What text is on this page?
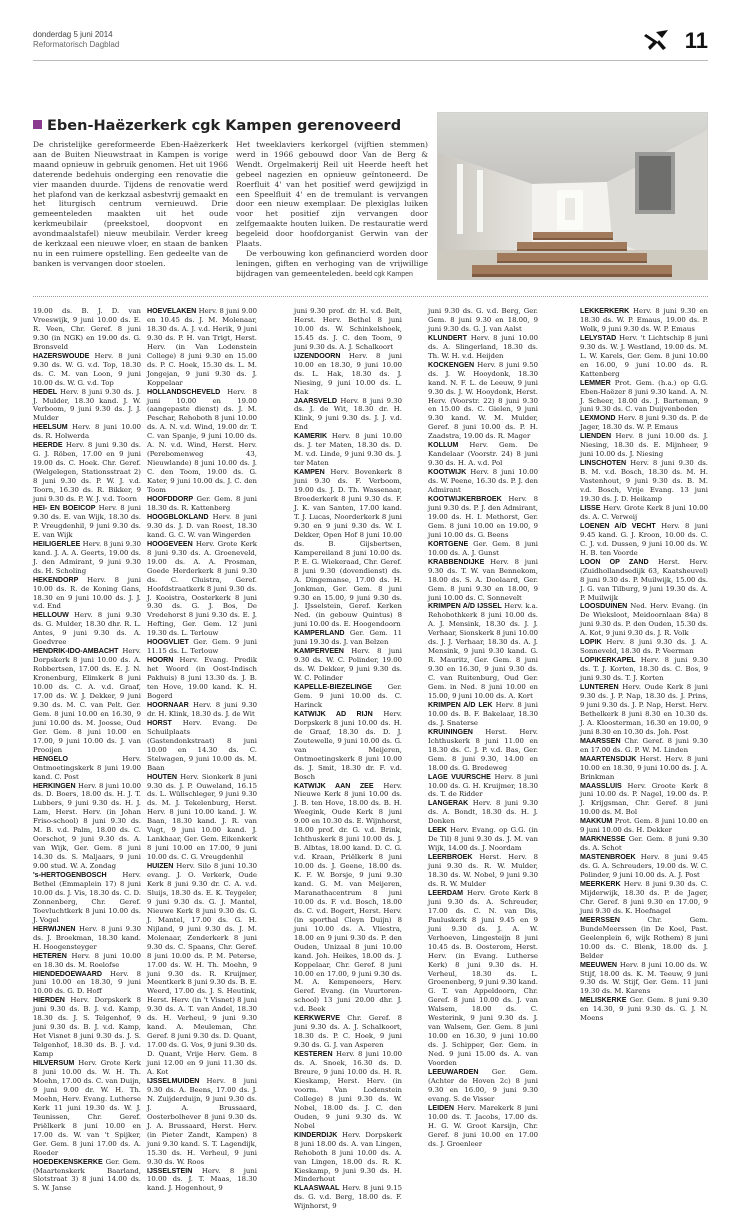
donderdag 5 juni 2014
Reformatorisch Dagblad	11
Eben-Haëzerkerk cgk Kampen gerenoveerd

De christelijke gereformeerde Eben-Haëzerkerk aan de Buiten Nieuwstraat in Kampen is vorige maand opnieuw in gebruik genomen. Het uit 1966 daterende bedehuis onderging een renovatie die vier maanden duurde. Tijdens de renovatie werd het plafond van de kerkzaal asbestvrij gemaakt en het liturgisch centrum vernieuwd. Drie gemeenteleden maakten uit het oude kerkmeubilair (preekstoel, doopvont en avondmaalstafel) nieuw meubilair. Verder kreeg de kerkzaal een nieuwe vloer, en staan de banken nu in een ruimere opstelling. Een gedeelte van de banken is vervangen door stoelen.

Het tweeklaviers kerkorgel (vijftien stemmen) werd in 1966 gebouwd door Van de Berg & Wendt. Orgelmakerij Reil uit Heerde heeft het gebeel nagezien en opnieuw geïntoneerd. De Roerfluit 4' van het positief werd gewijzigd in een Speelfluit 4' en de tremulant is vervangen door een nieuw exemplaar. De plexiglas luiken voor het positief zijn vervangen door zelfgemaakte houten luiken. De restauratie werd begeleid door hoofdorganist Gerwin van der Plaats.

De verbouwing kon gefinancierd worden door leningen, giften en verhoging van de vrijwillige bijdragen van gemeenteleden. beeld cgk Kampen

19.00 ds. B. J. D. van Vreeswijk, 9 juni 10.00 ds. E. R. Veen, Chr. Geref. 8 juni 9.30 (in NGK) en 19.00 ds. G. Bronsveld

HAZERSWOUDE Herv. 8 juni 9.30 ds. W. G. v.d. Top, 18.30 ds. C. M. van Loon, 9 juni 10.00 ds. W. G. v.d. Top

HEDEL Herv. 8 juni 9.30 ds. J. J. Mulder, 18.30 kand. J. W. Verboom, 9 juni 9.30 ds. J. J. Mulder

HEELSUM Herv. 8 juni 10.00 ds. R. Holwerda

HEERDE Herv. 8 juni 9.30 ds. G. J. Röben, 17.00 en 9 juni 19.00 ds. C. Hoek. Chr. Geref. (Welgelegen, Stationsstraat 2) 8 juni 9.30 ds. P. W. J. v.d. Toorn, 16.30 ds. R. Bikker, 9 juni 9.30 ds. P. W. J. v.d. Toorn

HEI- EN BOEICOP Herv. 8 juni 9.30 ds. E. van Wijk, 18.30 ds. P. Vreugdenhil, 9 juni 9.30 ds. E. van Wijk

HEILIGERLEE Herv. 8 juni 9.30 kand. J. A. A. Geerts, 19.00 ds. J. den Admirant, 9 juni 9.30 ds. H. Scholing

HEKENDORP Herv. 8 juni 10.00 ds. R. de Koning Gans, 18.30 en 9 juni 10.00 ds. J. J. v.d. End

HELLOUW Herv. 8 juni 9.30 ds. G. Mulder, 18.30 dhr. R. L. Antes, 9 juni 9.30 ds. A. Goedvree

HENDRIK-IDO-AMBACHT Herv. Dorpskerk 8 juni 10.00 ds. A. Robbertsen, 17.00 ds. E. J. N. Kronenburg, Elimkerk 8 juni 10.00 ds. C. A. v.d. Graaf, 17.00 ds. W. J. Dekker, 9 juni 9.30 ds. M. C. van Pelt. Ger. Gem. 8 juni 10.00 en 16.30, 9 juni 10.00 ds. M. Joosse, Oud Ger. Gem. 8 juni 10.00 en 17.00, 9 juni 10.00 ds. J. van Prooijen

HENGELO	Herv. Ontmoetingskerk 8 juni 19.00 kand. C. Post

HERKINGEN Herv. 8 juni 10.00 ds. D. Boers, 18.00 ds. H. J. T. Lubbers, 9 juni 9.30 ds. H. J. Lam, Herst. Herv. (in Johan Friso-school) 8 juni 9.30 ds. M. B. v.d. Palm, 18.00 ds. C. Oorschot, 9 juni 9.30 ds. A. van Wijk, Ger. Gem. 8 juni 14.30 ds. S. Maljaars, 9 juni 9.00 stud. W. A. Zondag

's-HERTOGENBOSCH Herv. Bethel (Emmaplein 17) 8 juni 10.00 ds. J. Vis, 18.30 ds. C. D. Zonnenberg, Chr. Geref. Toevluchtkerk 8 juni 10.00 ds. J. Vogel

HERWIJNEN Herv. 8 juni 9.30 ds. J. Broekman, 18.30 kand. H. Hoogensteyger

HETEREN Herv. 8 juni 10.00 en 18.30 ds. M. Roelofse

HIENDEDOEWAARD Herv. 8 juni 10.00 en 18.30, 9 juni 10.00 ds. G. D. Hoff

HIERDEN Herv. Dorpskerk 8 juni 9.30 ds. B. J. v.d. Kamp, 18.30 ds. J. S. Telgenhof, 9 juni 9.30 ds. B. J. v.d. Kamp, Het Visnet 8 juni 9.30 ds. J. S. Telgenhof, 18.30 ds. B. J. v.d. Kamp

HILVERSUM Herv. Grote Kerk 8 juni 10.00 ds. W. H. Th. Moehn, 17.00 ds. C. van Duijn, 9 juni 9.00 dr. W. H. Th. Moehn, Herv. Evang. Lutherse Kerk 11 juni 19.30 ds. W. J. Teunissen, Chr. Geref. Priëlkerk 8 juni 10.00 en 17.00 ds. W. van 't Spijker, Ger. Gem. 8 juni 17.00 ds. A. Roeder

HOEDEKENSKERKE Ger. Gem. (Maartenskerk Baarland, Slotstraat 3) 8 juni 14.00 ds. S. W. Janse

HOEVELAKEN Herv. 8 juni 9.00 en 10.45 ds. J. M. Molenaar, 18.30 ds. A. J. v.d. Herik, 9 juni 9.30 ds. P. H. van Trigt, Herst. Herv. (in Van Lodenstein College) 8 juni 9.30 en 15.00 ds. P. C. Hoek, 15.30 ds. L. M. Jongejan, 9 juni 9.30 ds. J. Koppelaar

HOLLANDSCHEVELD Herv. 8 juni 10.00 en 19.00 (aangepaste dienst) ds. J. M. Peschar, Rehoboth 8 juni 10.00 ds. A. N. v.d. Wind, 19.00 dr. T. C. van Spanje, 9 juni 10.00 ds. A. N. v.d. Wind, Herst. Herv. (Perebomenweg 43, Nieuwlande) 8 juni 10.00 ds. J. C. den Toom, 19.00 ds. G. Kater, 9 juni 10.00 ds. J. C. den Toom

HOOFDDORP Ger. Gem. 8 juni 18.30 ds. R. Kattenberg

HOOGBLOKLAND Herv. 8 juni 9.30 ds. J. D. van Roest, 18.30 kand. G. C. W. van Wingerden

HOOGEVEEN Herv. Grote Kerk 8 juni 9.30 ds. A. Groeneveld, 19.00 ds. A. A. Prosman, Goede Herderkerk 8 juni 9.30 ds. C. Cluistra, Geref. Hoofdstraatkerk 8 juni 9.30 ds. J. Kooistra, Oosterkerk 8 juni 9.30 ds. G. J. Bos, De Vredehorst 8 juni 9.30 ds. E. J. Hefting, Ger. Gem. 12 juni 19.30 ds. L. Terlouw

HOOGVLIET Ger. Gem. 9 juni 11.15 ds. L. Terlouw

HOORN Herv. Evang. Predik het Woord (in Oost-Indisch Pakhuis) 8 juni 13.30 ds. J. B. ten Hove, 19.00 kand. K. H. Bogerd

HOORNAAR Herv. 8 juni 9.30 dr. H. Klink, 18.30 ds. J. de Wit

HORST Herv. Evang. De Schuilplaats (Gastendonkstraat) 8 juni 10.00 en 14.30 ds. C. Stelwagen, 9 juni 10.00 ds. M. Baan

HOUTEN Herv. Sionkerk 8 juni 9.30 ds. J. P. Ouweland, 16.15 ds. L. Wüllschleger, 9 juni 9.30 ds. M. J. Tekelenburg, Herst. Herv. 8 juni 10.00 kand. J. W. Baan, 18.30 kand. J. R. van Vugt, 9 juni 10.00 kand. J. Lankhaar, Ger. Gem. Eikenkerk 8 juni 10.00 en 17.00, 9 juni 10.00 ds. C. G. Vreugdenhil

HUIZEN Herv. Silo 8 juni 10.30 evang. J. O. Verkerk, Oude Kerk 8 juni 9.30 dr. C. A. v.d. Sluijs, 18.30 ds. E. K. Teygeler, 9 juni 9.30 ds. G. J. Mantel, Nieuwe Kerk 8 juni 9.30 ds. G. J. Mantel, 17.00 ds. G. H. Nijland, 9 juni 9.30 ds. J. M. Molenaar, Zenderkerk 8 juni 9.30 ds. C. Spaans, Chr. Geref. 8 juni 10.00 ds. P. M. Peterse, 17.00 ds. W. H. Th. Moehn, 9 juni 9.30 ds. R. Kruijmer, Meentkerk 8 juni 9.30 ds. B. E. Weerd, 17.00 ds. J. S. Heutink, Herst. Herv. (in 't Visnet) 8 juni 9.30 ds. A. T. van Andel, 18.30 ds. H. Verheul, 9 juni 9.30 kand. A. Meuleman, Chr. Geref. 8 juni 9.30 ds. D. Quant, 17.00 ds. G. Vos, 9 juni 9.30 ds. D. Quant, Vrije Herv. Gem. 8 juni 12.00 en 9 juni 11.30 ds. A. Kot

IJSSELMUIDEN Herv. 8 juni 9.30 ds. A. Beens, 17.00 ds. J. N. Zuijderduijn, 9 juni 9.30 ds. J. A. Brussaard, Oosterbolhever 8 juni 9.30 ds. J. A. Brussaard, Herst. Herv. (in Pieter Zandt, Kampen) 8 juni 9.30 kand. S. T. Lagendijk, 15.30 ds. H. Verheul, 9 juni 9.30 ds. W. Roos

IJSSELSTEIN Herv. 8 juni 10.00 ds. J. T. Maas, 18.30 kand. J. Hogenhout, 9

juni 9.30 prof. dr. H. v.d. Belt, Herst. Herv. Bethel 8 juni 10.00 ds. W. Schinkelshoek, 15.45 ds. J. C. den Toom, 9 juni 9.30 ds. A. J. Schalkoort

IJZENDOORN Herv. 8 juni 10.00 en 18.30, 9 juni 10.00 ds. L. Hak, 18.30 ds. J. Niesing, 9 juni 10.00 ds. L. Hak

JAARSVELD Herv. 8 juni 9.30 ds. J. de Wit, 18.30 dr. H. Klink, 9 juni 9.30 ds. J. J. v.d. End

KAMERIK Herv. 8 juni 10.00 ds. J. ter Maten, 18.30 ds. D. M. v.d. Linde, 9 juni 9.30 ds. J. ter Maten

KAMPEN Herv. Bovenkerk 8 juni 9.30 ds. F. Verboom, 19.00 ds. J. D. Th. Wassenaar, Broederkerk 8 juni 9.30 ds. F. J. K. van Santen, 17.00 kand. T. J. Lucas, Noorderkerk 8 juni 9.30 en 9 juni 9.30 ds. W. I. Dekker, Open Hof 8 juni 10.00 ds. B. Gijsbertsen, Kampereiland 8 juni 10.00 ds. P. E. G. Wiekeraad, Chr. Geref. 8 juni 9.30 (dovendienst) ds. A. Dingemanse, 17.00 ds. H. Jonkman, Ger. Gem. 8 juni 9.30 en 15.00, 9 juni 9.30 ds. J. IJsselstein, Geref. Kerken Ned. (in gebouw Quintus) 8 juni 10.00 ds. E. Hoogendoorn

KAMPERLAND Ger. Gem. 11 juni 19.30 ds. J. van Belzen

KAMPERVEEN Herv. 8 juni 9.30 ds. W. C. Polinder, 19.00 ds. W. Dekker, 9 juni 9.30 ds. W. C. Polinder

KAPELLE-BIEZELINGE Ger. Gem. 9 juni 10.00 ds. C. Harinck

KATWIJK AD RIJN Herv. Dorpskerk 8 juni 10.00 ds. H. de Graaf, 18.30 ds. D. J. Zoutewelle, 9 juni 10.00 ds. G. van Meijeren, Ontmoetingskerk 8 juni 10.00 ds. J. Smit, 18.30 dr. F. v.d. Bosch

KATWIJK AAN ZEE Herv. Nieuwe Kerk 8 juni 10.00 ds. J. B. ten Hove, 18.00 ds. B. H. Weegink, Oude Kerk 8 juni 9.00 en 10.30 ds. E. Wijnhorst, 18.00 prof. dr. G. v.d. Brink, Ichthuskerk 8 juni 10.00 ds. J. B. Albtas, 18.00 kand. D. C. G. v.d. Kraan, Priëlkerk 8 juni 10.00 ds. J. Geene, 18.00 ds. K. F. W. Borsje, 9 juni 9.30 kand. G. M. van Meijeren, Maranathacentrum 8 juni 10.00 ds. F. v.d. Bosch, 18.00 ds. C. v.d. Bogert, Herst. Herv. (in sporthal Cleyn Duijn) 8 juni 10.00 ds. A. Vliestra, 18.00 en 9 juni 9.30 ds. P. den Ouden, Unizaal 8 juni 10.00 kand. Joh. Heikes, 18.00 ds. J. Koppelaar, Chr. Geref. 8 juni 10.00 en 17.00, 9 juni 9.30 ds. M. A. Kempeneers, Herv. Geref. Evang. (in Vuurtoren-school) 13 juni 20.00 dhr. J. v.d. Beek

KERKWERVE Chr. Geref. 8 juni 9.30 ds. A. J. Schalkoort, 18.30 ds. P. C. Hoek, 9 juni 9.30 ds. G. J. van Asperen

KESTEREN Herv. 8 juni 10.00 ds. A. Snoek, 16.30 ds. D. Breure, 9 juni 10.00 ds. H. R. Kieskamp, Herst. Herv. (in voorm. Van Lodenstein College) 8 juni 9.30 ds. W. Nobel, 18.00 ds. J. C. den Ouden, 9 juni 9.30 ds. W. Nobel

KINDERDIJK Herv. Dorpskerk 8 juni 18.00 ds. A. van Lingen, Rehoboth 8 juni 10.00 ds. A. van Lingen, 18.00 ds. R. K. Kieskamp, 9 juni 9.30 ds. H. Minderhout

KLAASWAAL Herv. 8 juni 9.15 ds. G. v.d. Berg, 18.00 ds. F. Wijnhorst, 9

juni 9.30 ds. G. v.d. Berg, Ger. Gem. 8 juni 9.30 en 18.00, 9 juni 9.30 ds. G. J. van Aalst

KLUNDERT Herv. 8 juni 10.00 ds. A. Slingerland, 18.30 ds. Th. W. H. v.d. Heijden

KOCKENGEN Herv. 8 juni 9.50 ds. J. W. Hooydonk, 18.30 kand. N. F. L. de Leeuw, 9 juni 9.30 ds. J. W. Hooydonk, Herst. Herv. (Voorstr. 22) 8 juni 9.30 en 15.00 ds. C. Gielen, 9 juni 9.30 kand. W. M. Mulder, Geref. 8 juni 10.00 ds. P. H. Zaadstra, 19.00 ds. R. Mager

KOLLUM Herv. Gem. De Kandelaar (Voorstr. 24) 8 juni 9.30 ds. H. A. v.d. Pol

KOOTWIJK Herv. 8 juni 10.00 ds. W. Peene, 16.30 ds. P. J. den Admirant

KOOTWIJKERBROEK Herv. 8 juni 9.30 ds. P. J. den Admirant, 19.00 ds. H. I. Methorst, Ger. Gem. 8 juni 10.00 en 19.00, 9 juni 10.00 ds. G. Beens

KORTGENE Ger. Gem. 8 juni 10.00 ds. A. J. Gunst

KRABBENDIJKE Herv. 8 juni 9.30 ds. T. W. van Bennekom, 18.00 ds. S. A. Doolaard, Ger. Gem. 8 juni 9.30 en 18.00, 9 juni 10.00 ds. C. Sonnevelt

KRIMPEN A/D IJSSEL Herv. k.a. Rehobothkerk 8 juni 10.00 ds. A. J. Mensink, 18.30 ds. J. J. Verhaar, Sionskerk 8 juni 10.00 ds. J. J. Verhaar, 18.30 ds. A. J. Mensink, 9 juni 9.30 kand. G. R. Mauritz, Ger. Gem. 8 juni 9.30 en 16.30, 9 juni 9.30 ds. C. van Ruitenburg, Oud Ger. Gem. in Ned. 8 juni 10.00 en 15.00, 9 juni 10.00 ds. A. Kort

KRIMPEN A/D LEK Herv. 8 juni 10.00 ds. B. F. Bakelaar, 18.30 ds. J. Snaterse

KRUININGEN Herst. Herv. Ichthuskerk 8 juni 11.00 en 18.30 ds. C. J. P. v.d. Bas, Ger. Gem. 8 juni 9.30, 14.00 en 18.00 ds. G. Bredeweg

LAGE VUURSCHE Herv. 8 juni 10.00 ds. G. H. Kruijmer, 18.30 ds. T. de Ridder

LANGERAK Herv. 8 juni 9.30 ds. A. Bondt, 18.30 ds. H. J. Donken

LEEK Herv. Evang. op G.G. (in De Til) 8 juni 9.30 ds. J. M. van Wijk, 14.00 ds. J. Noordam

LEERBROEK Herst. Herv. 8 juni 9.30 ds. R. W. Mulder, 18.30 ds. W. Nobel, 9 juni 9.30 ds. R. W. Mulder

LEERDAM Herv. Grote Kerk 8 juni 9.30 ds. A. Schreuder, 17.00 ds. C. N. van Dis, Pauluskerk 8 juni 9.45 en 9 juni 9.30 ds. J. A. W. Verhoeven, Lingesteijn 8 juni 10.45 ds. B. Oosterom, Herst. Herv. (in Evang. Lutherse Kerk) 8 juni 9.30 ds. H. Verheul, 18.30 ds. L. Groenenberg, 9 juni 9.30 kand. G. T. van Appeldoorn, Chr. Geref. 8 juni 10.00 ds. J. van Walsem, 18.00 ds. C. Westerink, 9 juni 9.30 ds. J. van Walsem, Ger. Gem. 8 juni 10.00 en 16.30, 9 juni 10.00 ds. J. Schipper, Ger. Gem. in Ned. 9 juni 15.00 ds. A. van Voorden

LEEUWARDEN Ger. Gem. (Achter de Hoven 2c) 8 juni 9.30 en 16.00, 9 juni 9.30 evang. S. de Visser

LEIDEN Herv. Marekerk 8 juni 10.00 ds. T. Jacobs, 17.00 ds. H. G. W. Groot Karsijn, Chr. Geref. 8 juni 10.00 en 17.00 ds. J. Groenleer

LEKKERKERK Herv. 8 juni 9.30 en 18.30 ds. W. P. Emaus, 19.00 ds. P. Wolk, 9 juni 9.30 ds. W. P. Emaus

LELYSTAD Herv. 't Lichtschip 8 juni 9.30 ds. W. J. Westland, 19.00 ds. M. L. W. Karels, Ger. Gem. 8 juni 10.00 en 16.00, 9 juni 10.00 ds. R. Kattenberg

LEMMER Prot. Gem. (h.a.) op G.G. Eben-Haëzer 8 juni 9.30 kand. A. N. J. Scheer, 18.00 ds. J. Barteman, 9 juni 9.30 ds. C. van Duijvenboden

LEXMOND Herv. 8 juni 9.30 ds. P. de Jager, 18.30 ds. W. P. Emaus

LIENDEN Herv. 8 juni 10.00 ds. J. Niesing, 18.30 ds. E. Mijnheer, 9 juni 10.00 ds. J. Niesing

LINSCHOTEN Herv. 8 juni 9.30 ds. B. M. v.d. Bosch, 18.30 ds. M. H. Vastenhout, 9 juni 9.30 ds. B. M. v.d. Bosch, Vrije Evang. 13 juni 19.30 ds. J. D. Heikamp

LISSE Herv. Grote Kerk 8 juni 10.00 ds. A. C. Verweij

LOENEN A/D VECHT Herv. 8 juni 9.45 kand. G. J. Kroon, 10.00 ds. C. C. J. v.d. Dussen, 9 juni 10.00 ds. W. H. B. ten Voorde

LOON OP ZAND Herst. Herv. (Zuidhollandsedijk 63, Kaatsheuvel) 8 juni 9.30 ds. P. Muilwijk, 15.00 ds. J. G. van Tilburg, 9 juni 19.30 ds. A. P. Muilwijk

LOOSDUINEN Ned. Herv. Evang. (in De Wieksloot, Meidoornlaan 84a) 8 juni 9.30 ds. P. den Ouden, 15.30 ds. A. Kot, 9 juni 9.30 ds. J. R. Volk

LOPIK Herv. 8 juni 9.30 ds. J. A. Sonneveld, 18.30 ds. P. Veerman

LOPIKERKAPEL Herv. 8 juni 9.30 ds. T. J. Korten, 18.30 ds. C. Bos, 9 juni 9.30 ds. T. J. Korten

LUNTEREN Herv. Oude Kerk 8 juni 9.30 ds. J. P. Nap, 18.30 ds. J. Prins, 9 juni 9.30 ds. J. P. Nap, Herst. Herv. Bethelkerk 8 juni 8.30 en 10.30 ds. J. A. Kloosterman, 16.30 en 19.00, 9 juni 8.30 en 10.30 ds. Joh. Post

MAARSSEN Chr. Geref. 8 juni 9.30 en 17.00 ds. G. P. W. M. Linden

MAARTENSDIJK Herst. Herv. 8 juni 10.00 en 18.30, 9 juni 10.00 ds. J. A. Brinkman

MAASSLUIS Herv. Groote Kerk 8 juni 10.00 ds. P. Nagel, 19.00 ds. P. J. Krijgsman, Chr. Geref. 8 juni 10.00 ds. M. Bol

MAKKUM Prot. Gem. 8 juni 10.00 en 9 juni 10.00 ds. H. Dekker

MARKNESSE Ger. Gem. 8 juni 9.30 ds. A. Schot

MASTENBROEK Herv. 8 juni 9.45 ds. G. A. Schreuders, 19.00 ds. W. C. Polinder, 9 juni 10.00 ds. A. J. Post

MEERKERK Herv. 8 juni 9.30 ds. C. Mijderwijk, 18.30 ds. P. de Jager, Chr. Geref. 8 juni 9.30 en 17.00, 9 juni 9.30 ds. K. Hoefnagel

MEERSSEN	Chr. Gem. BundeMeerssen (in De Koel, Past. Geelenplein 6, wijk Rothem) 8 juni 10.00 ds. C. Blenk, 18.00 ds. J. Belder

MEEUWEN Herv. 8 juni 10.00 ds. W. Stijf, 18.00 ds. K. M. Teeuw, 9 juni 9.30 ds. W. Stijf, Ger. Gem. 11 juni 19.30 ds. M. Karens

MELISKERKE Ger. Gem. 8 juni 9.30 en 14.30, 9 juni 9.30 ds. G. J. N. Moens
